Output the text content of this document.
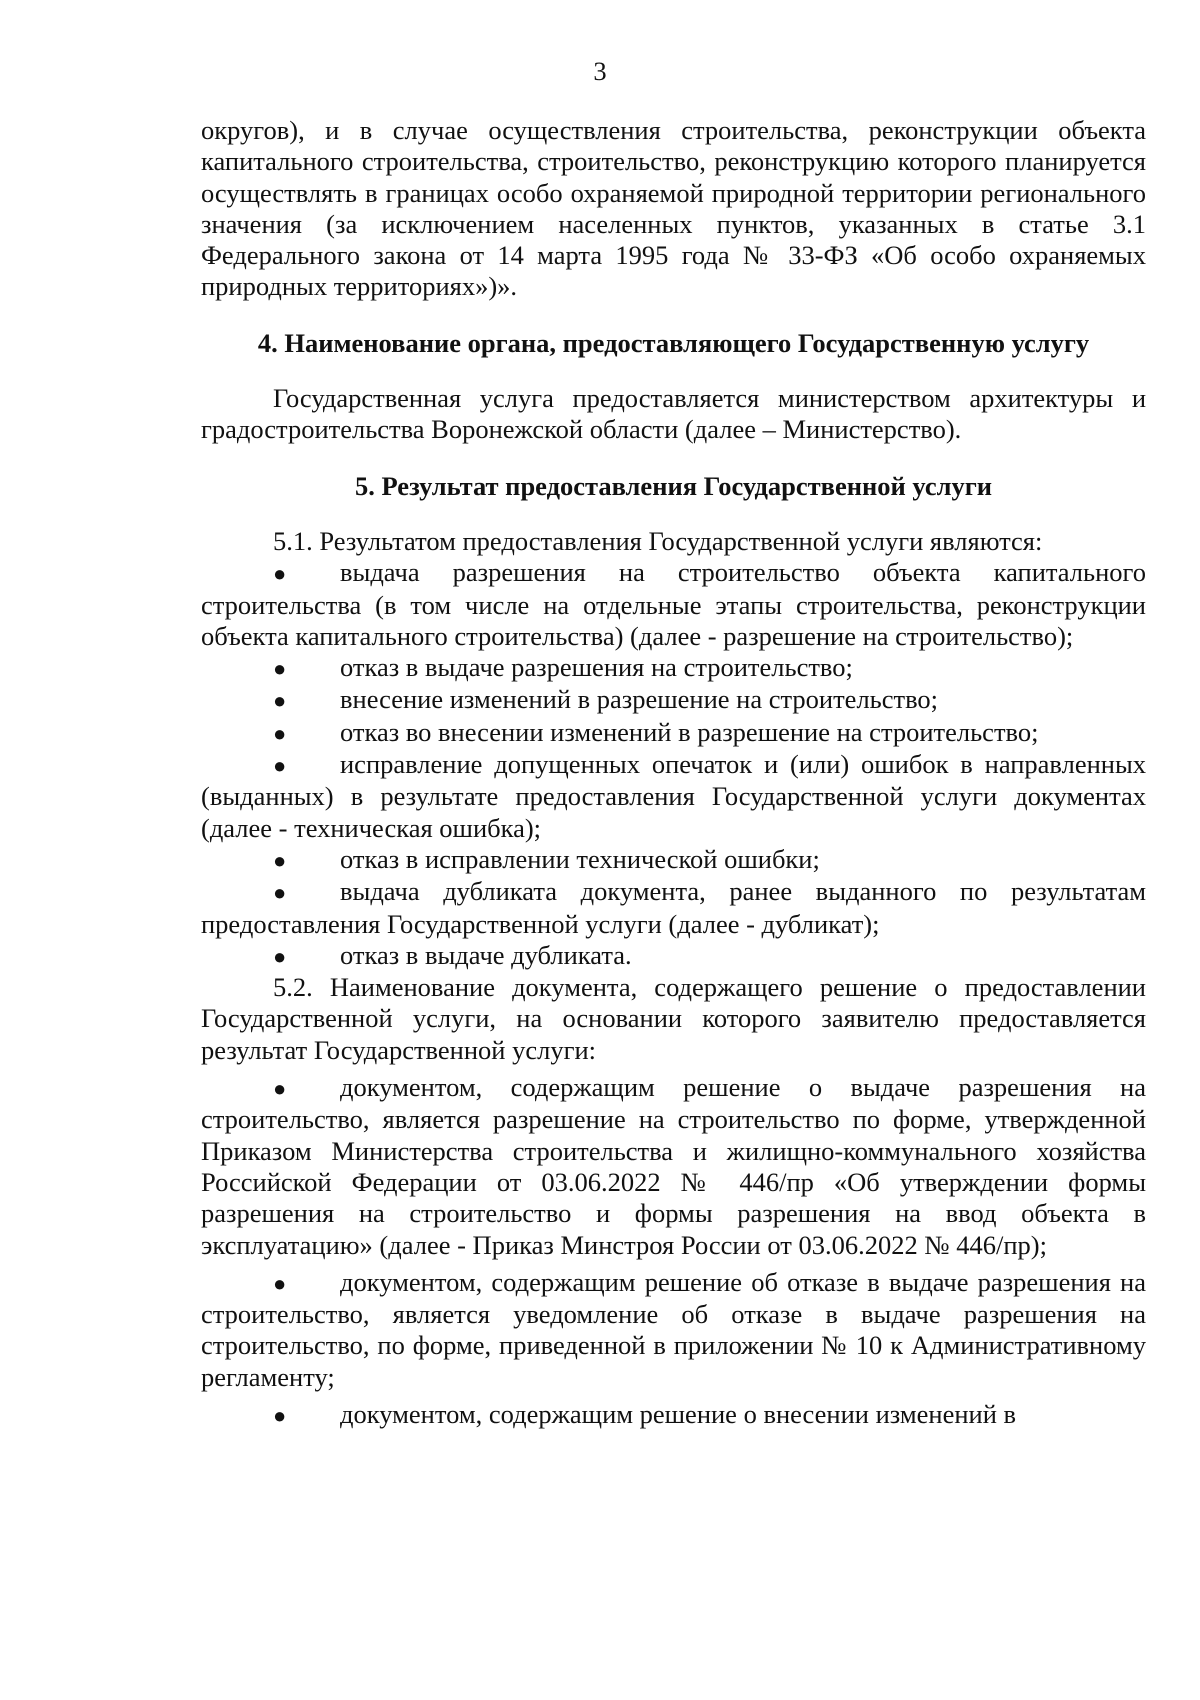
3

округов), и в случае осуществления строительства, реконструкции объекта капитального строительства, строительство, реконструкцию которого планируется осуществлять в границах особо охраняемой природной территории регионального значения (за исключением населенных пунктов, указанных в статье 3.1 Федерального закона от 14 марта 1995 года № 33-ФЗ «Об особо охраняемых природных территориях»)».

4. Наименование органа, предоставляющего Государственную услугу

Государственная услуга предоставляется министерством архитектуры и градостроительства Воронежской области (далее – Министерство).

5. Результат предоставления Государственной услуги

5.1. Результатом предоставления Государственной услуги являются:

● выдача разрешения на строительство объекта капитального строительства (в том числе на отдельные этапы строительства, реконструкции объекта капитального строительства) (далее - разрешение на строительство);
● отказ в выдаче разрешения на строительство;
● внесение изменений в разрешение на строительство;
● отказ во внесении изменений в разрешение на строительство;
● исправление допущенных опечаток и (или) ошибок в направленных (выданных) в результате предоставления Государственной услуги документах (далее - техническая ошибка);
● отказ в исправлении технической ошибки;
● выдача дубликата документа, ранее выданного по результатам предоставления Государственной услуги (далее - дубликат);
● отказ в выдаче дубликата.

5.2. Наименование документа, содержащего решение о предоставлении Государственной услуги, на основании которого заявителю предоставляется результат Государственной услуги:

● документом, содержащим решение о выдаче разрешения на строительство, является разрешение на строительство по форме, утвержденной Приказом Министерства строительства и жилищно-коммунального хозяйства Российской Федерации от 03.06.2022 № 446/пр «Об утверждении формы разрешения на строительство и формы разрешения на ввод объекта в эксплуатацию» (далее - Приказ Минстроя России от 03.06.2022 № 446/пр);
● документом, содержащим решение об отказе в выдаче разрешения на строительство, является уведомление об отказе в выдаче разрешения на строительство, по форме, приведенной в приложении № 10 к Административному регламенту;
● документом, содержащим решение о внесении изменений в
